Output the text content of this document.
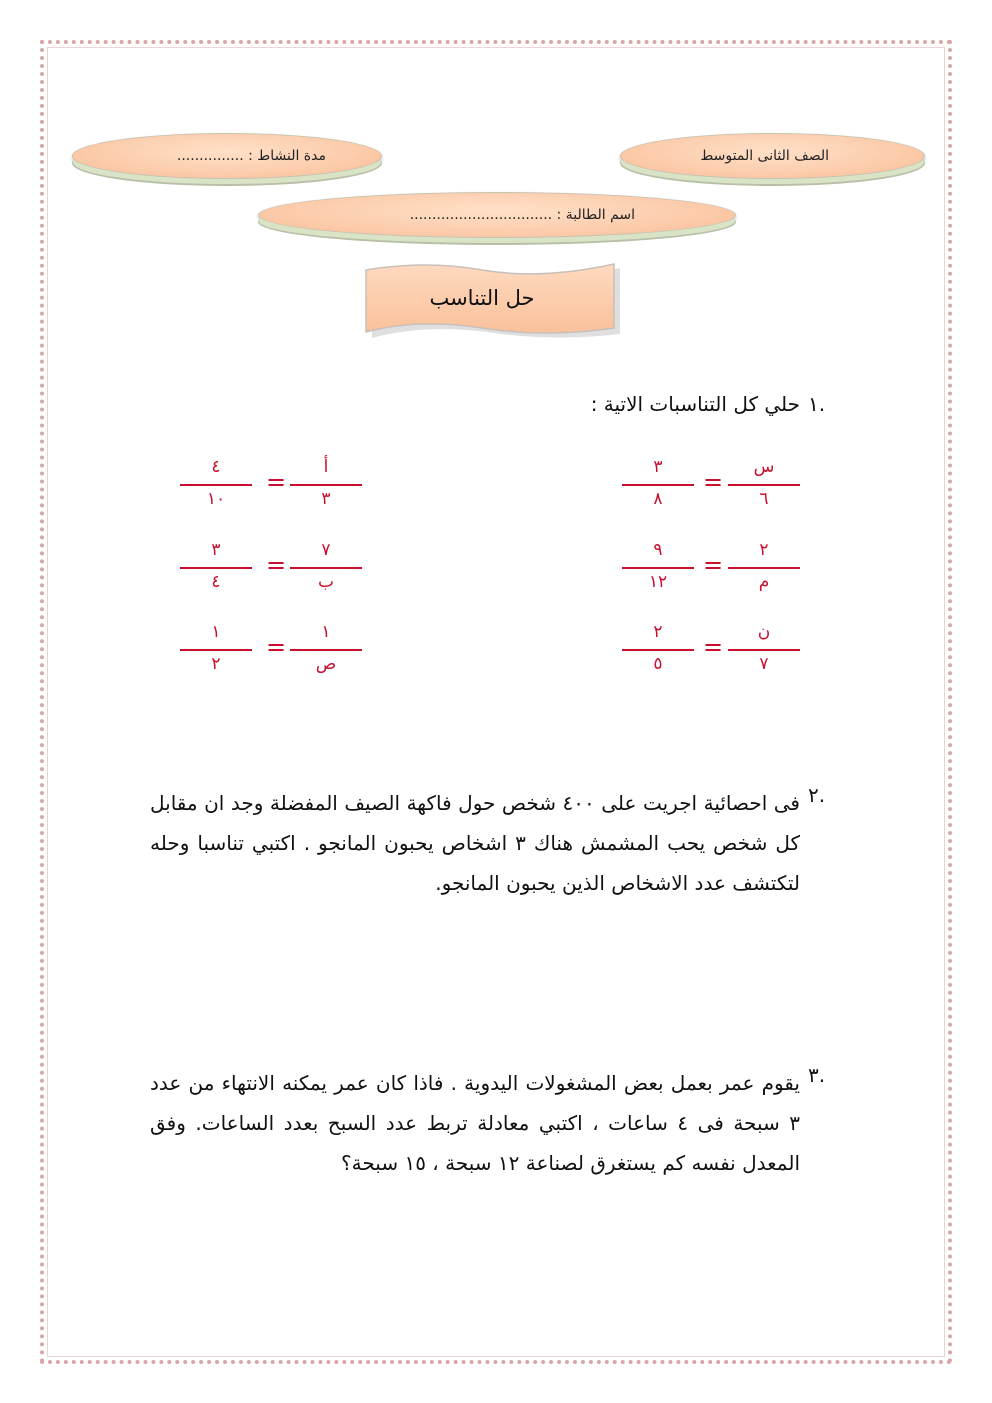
الصف الثانى المتوسط
مدة النشاط : ...............
اسم الطالبة : ................................
حل التناسب
١.
حلي كل التناسبات الاتية :
س
٦
=
٣
٨
٢
م
=
٩
١٢
ن
٧
=
٢
٥
أ
٣
=
٤
١٠
٧
ب
=
٣
٤
١
ص
=
١
٢
٢.
فى احصائية اجريت على ٤٠٠ شخص حول فاكهة الصيف المفضلة وجد ان مقابل كل شخص يحب المشمش هناك ٣ اشخاص يحبون المانجو . اكتبي تناسبا وحله لتكتشف عدد الاشخاص الذين يحبون المانجو.
٣.
يقوم عمر بعمل بعض المشغولات اليدوية . فاذا كان عمر يمكنه الانتهاء من عدد ٣ سبحة فى ٤ ساعات ، اكتبي معادلة تربط عدد السبح بعدد الساعات. وفق المعدل نفسه كم يستغرق لصناعة ١٢ سبحة ، ١٥ سبحة؟
